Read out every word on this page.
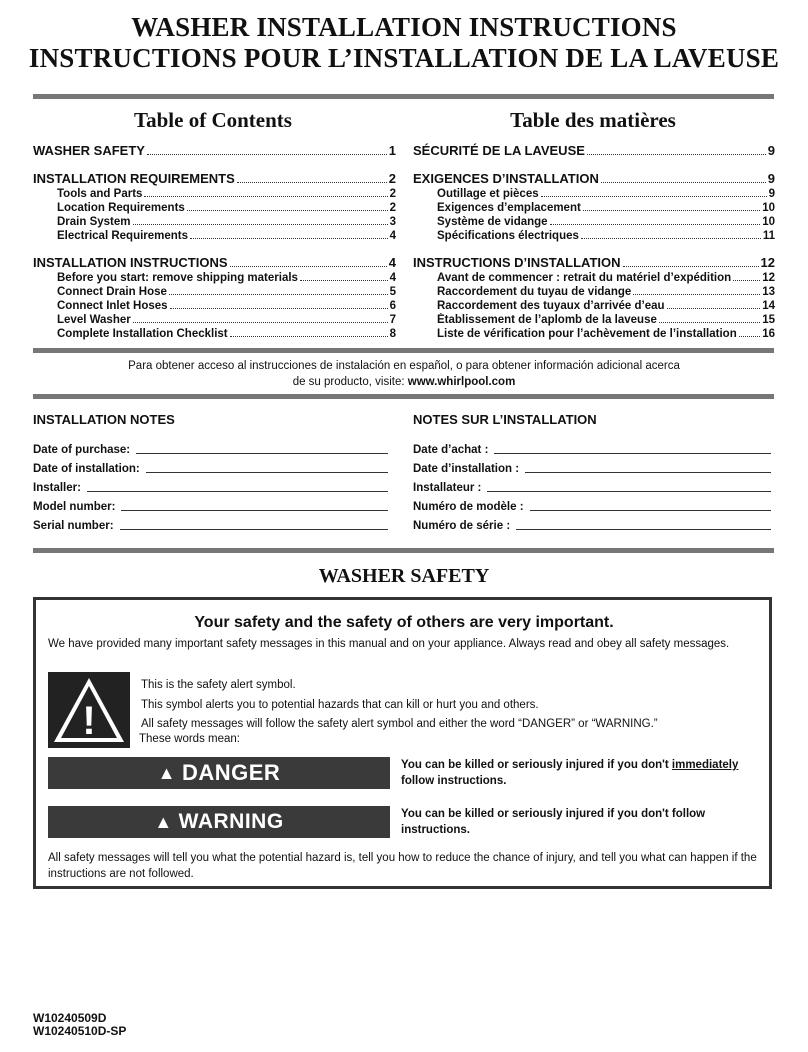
WASHER INSTALLATION INSTRUCTIONS
INSTRUCTIONS POUR L’INSTALLATION DE LA LAVEUSE
Table of Contents	Table des matières
WASHER SAFETY	1
INSTALLATION REQUIREMENTS	2
Tools and Parts	2
Location Requirements	2
Drain System	3
Electrical Requirements	4
INSTALLATION INSTRUCTIONS	4
Before you start: remove shipping materials	4
Connect Drain Hose	5
Connect Inlet Hoses	6
Level Washer	7
Complete Installation Checklist	8
SÉCURITÉ DE LA LAVEUSE	9
EXIGENCES D’INSTALLATION	9
Outillage et pièces	9
Exigences d’emplacement	10
Système de vidange	10
Spécifications électriques	11
INSTRUCTIONS D’INSTALLATION	12
Avant de commencer : retrait du matériel d’expédition	12
Raccordement du tuyau de vidange	13
Raccordement des tuyaux d’arrivée d’eau	14
Établissement de l’aplomb de la laveuse	15
Liste de vérification pour l’achèvement de l’installation 16
Para obtener acceso al instrucciones de instalación en español, o para obtener información adicional acerca
de su producto, visite: www.whirlpool.com
INSTALLATION NOTES	NOTES SUR L’INSTALLATION
Date of purchase:
Date of installation:
Installer:
Model number:
Serial number:
Date d’achat :
Date d’installation :
Installateur :
Numéro de modèle :
Numéro de série :
WASHER SAFETY
Your safety and the safety of others are very important.
We have provided many important safety messages in this manual and on your appliance. Always read and obey all safety messages.
!
This is the safety alert symbol.
This symbol alerts you to potential hazards that can kill or hurt you and others.
All safety messages will follow the safety alert symbol and either the word “DANGER” or “WARNING.”
These words mean:
▲ DANGER	You can be killed or seriously injured if you don't immediately follow instructions.
▲ WARNING	You can be killed or seriously injured if you don't follow instructions.
All safety messages will tell you what the potential hazard is, tell you how to reduce the chance of injury, and tell you what can happen if the instructions are not followed.
W10240509D
W10240510D-SP
